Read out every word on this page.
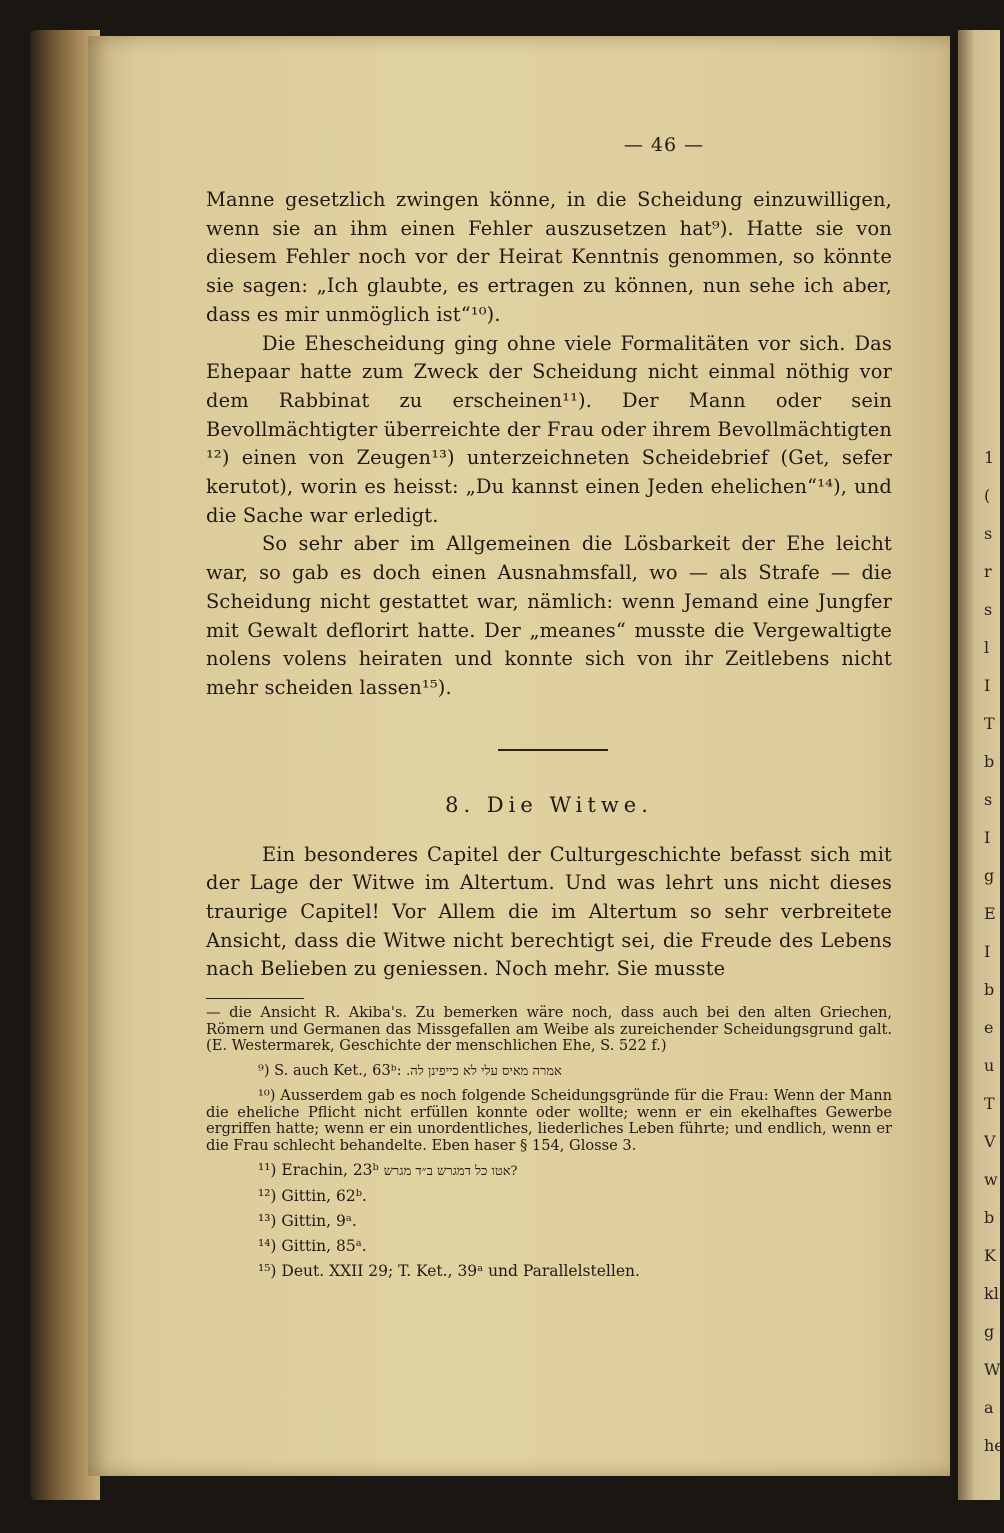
1
(
s
r
s
l
I
T
b
s
I
g
E
I
b
e
u
T
V
w
b
K
kl
g
W
a
he
— 46 —

Manne gesetzlich zwingen könne, in die Scheidung einzuwilligen, wenn sie an ihm einen Fehler auszusetzen hat⁹). Hatte sie von diesem Fehler noch vor der Heirat Kenntnis genommen, so könnte sie sagen: „Ich glaubte, es ertragen zu können, nun sehe ich aber, dass es mir unmöglich ist“¹⁰).

Die Ehescheidung ging ohne viele Formalitäten vor sich. Das Ehepaar hatte zum Zweck der Scheidung nicht einmal nöthig vor dem Rabbinat zu erscheinen¹¹). Der Mann oder sein Bevollmächtigter überreichte der Frau oder ihrem Bevollmächtigten ¹²) einen von Zeugen¹³) unterzeichneten Scheidebrief (Get, sefer kerutot), worin es heisst: „Du kannst einen Jeden ehelichen“¹⁴), und die Sache war erledigt.

So sehr aber im Allgemeinen die Lösbarkeit der Ehe leicht war, so gab es doch einen Ausnahmsfall, wo — als Strafe — die Scheidung nicht gestattet war, nämlich: wenn Jemand eine Jungfer mit Gewalt deflorirt hatte. Der „meanes“ musste die Vergewaltigte nolens volens heiraten und konnte sich von ihr Zeitlebens nicht mehr scheiden lassen¹⁵).

8. Die Witwe.

Ein besonderes Capitel der Culturgeschichte befasst sich mit der Lage der Witwe im Altertum. Und was lehrt uns nicht dieses traurige Capitel! Vor Allem die im Altertum so sehr verbreitete Ansicht, dass die Witwe nicht berechtigt sei, die Freude des Lebens nach Belieben zu geniessen. Noch mehr. Sie musste

— die Ansicht R. Akiba's. Zu bemerken wäre noch, dass auch bei den alten Griechen, Römern und Germanen das Missgefallen am Weibe als zureichender Scheidungsgrund galt. (E. Westermarek, Geschichte der menschlichen Ehe, S. 522 f.)

⁹) S. auch Ket., 63ᵇ: אמרה מאיס עלי לא כייפינן לה.

¹⁰) Ausserdem gab es noch folgende Scheidungsgründe für die Frau: Wenn der Mann die eheliche Pflicht nicht erfüllen konnte oder wollte; wenn er ein ekelhaftes Gewerbe ergriffen hatte; wenn er ein unordentliches, liederliches Leben führte; und endlich, wenn er die Frau schlecht behandelte. Eben haser § 154, Glosse 3.

¹¹) Erachin, 23ᵇ ?אטו כל דמגרש ב״ד מגרש

¹²) Gittin, 62ᵇ.

¹³) Gittin, 9ᵃ.

¹⁴) Gittin, 85ᵃ.

¹⁵) Deut. XXII 29; T. Ket., 39ᵃ und Parallelstellen.
